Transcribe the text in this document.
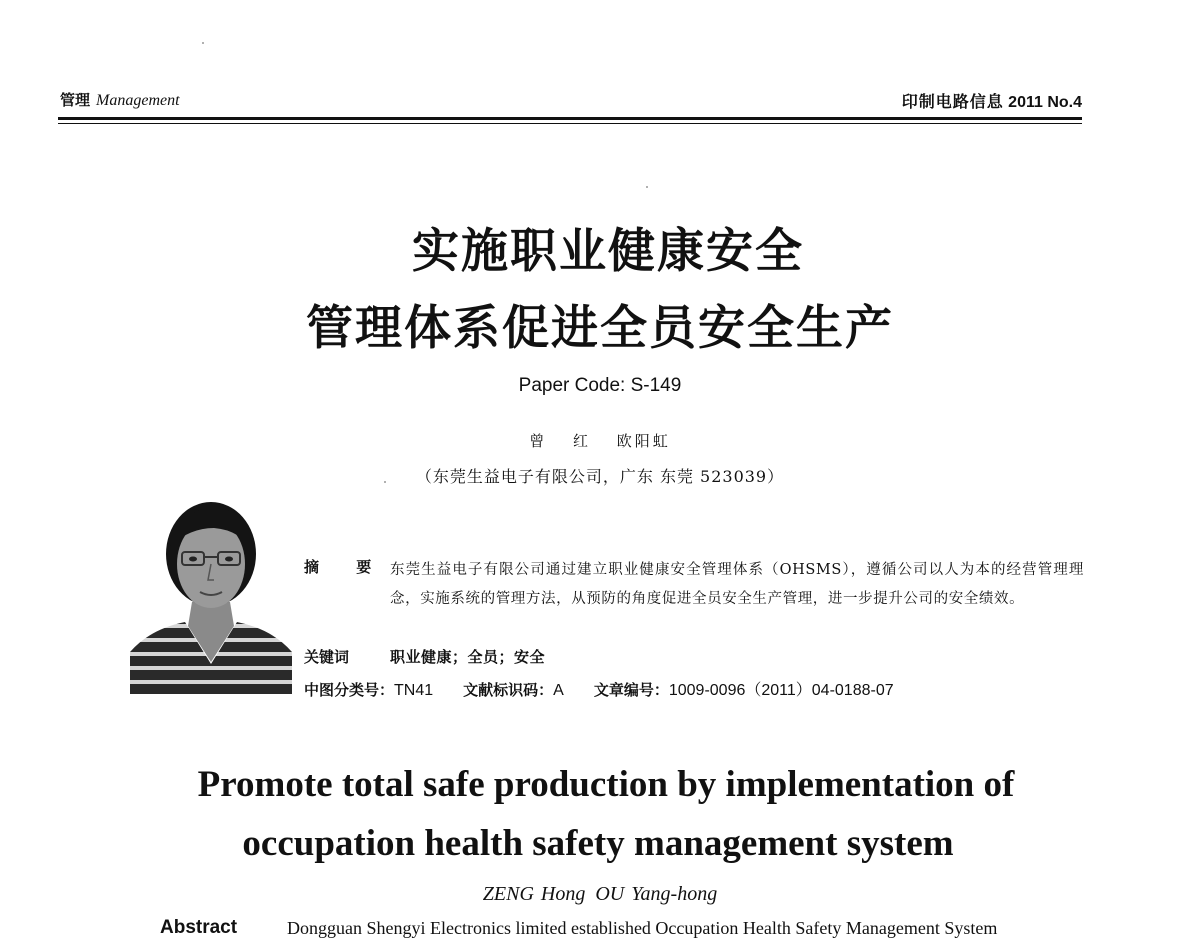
管理 Management	印制电路信息 2011 No.4
实施职业健康安全
管理体系促进全员安全生产
Paper Code: S-149
曾 红 欧阳虹
（东莞生益电子有限公司，广东 东莞 523039）
摘 要 东莞生益电子有限公司通过建立职业健康安全管理体系（OHSMS），遵循公司以人为本的经营管理理念，实施系统的管理方法，从预防的角度促进全员安全生产管理，进一步提升公司的安全绩效。
关键词	职业健康；全员；安全
中图分类号：TN41 文献标识码：A 文章编号：1009-0096（2011）04-0188-07
Promote total safe production by implementation of
occupation health safety management system
ZENG Hong OU Yang-hong
Abstract	Dongguan Shengyi Electronics limited established Occupation Health Safety Management System
